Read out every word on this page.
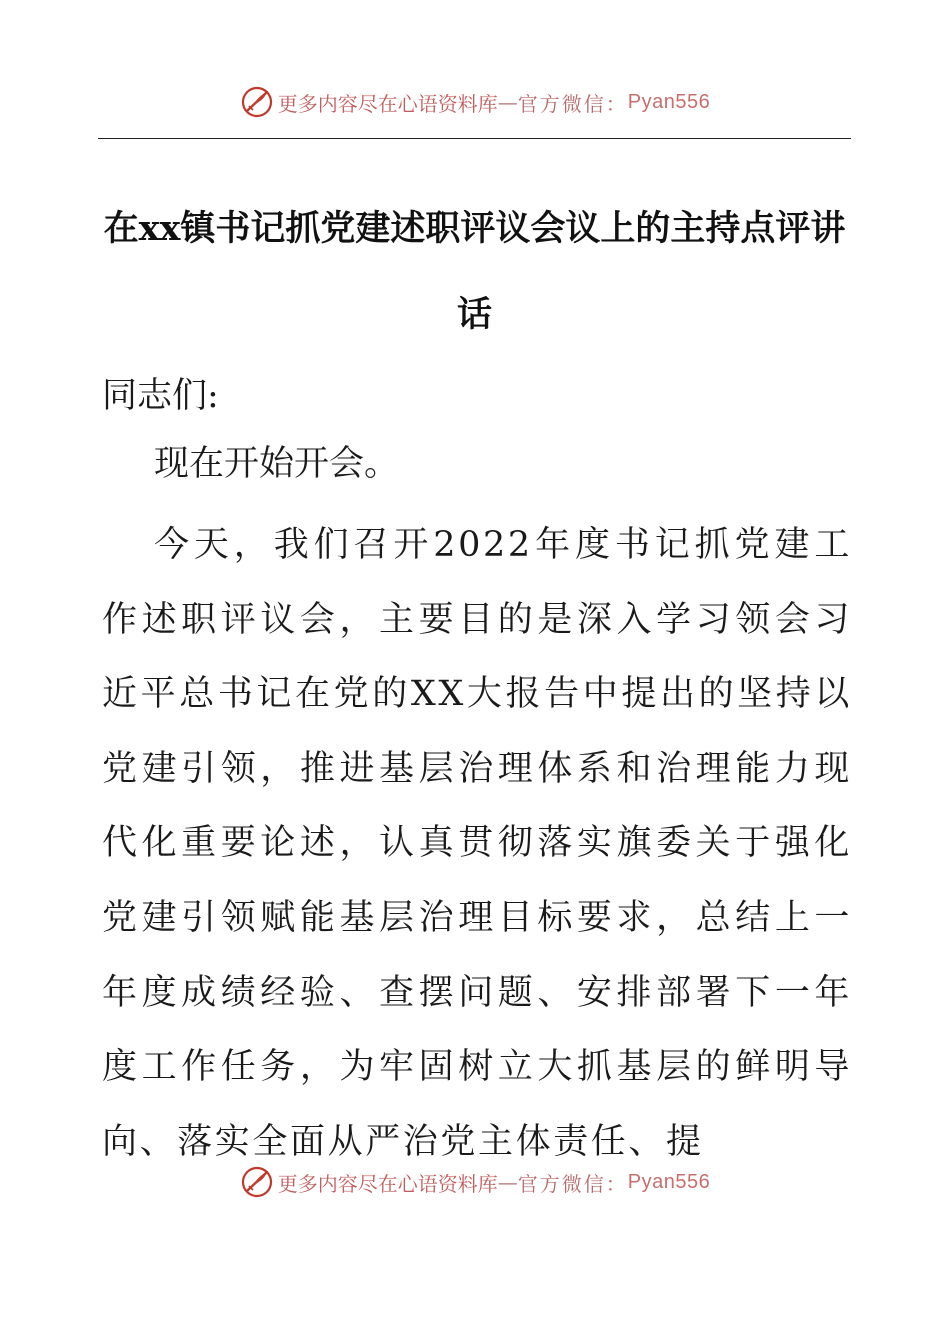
更多内容尽在心语资料库 — 官方微信： Pyan556
在xx镇书记抓党建述职评议会议上的主持点评讲话

同志们:

现在开始开会。

今天，我们召开2022年度书记抓党建工作述职评议会，主要目的是深入学习领会习近平总书记在党的XX大报告中提出的坚持以党建引领，推进基层治理体系和治理能力现代化重要论述，认真贯彻落实旗委关于强化党建引领赋能基层治理目标要求，总结上一年度成绩经验、查摆问题、安排部署下一年度工作任务，为牢固树立大抓基层的鲜明导向、落实全面从严治党主体责任、提

更多内容尽在心语资料库 — 官方微信： Pyan556
